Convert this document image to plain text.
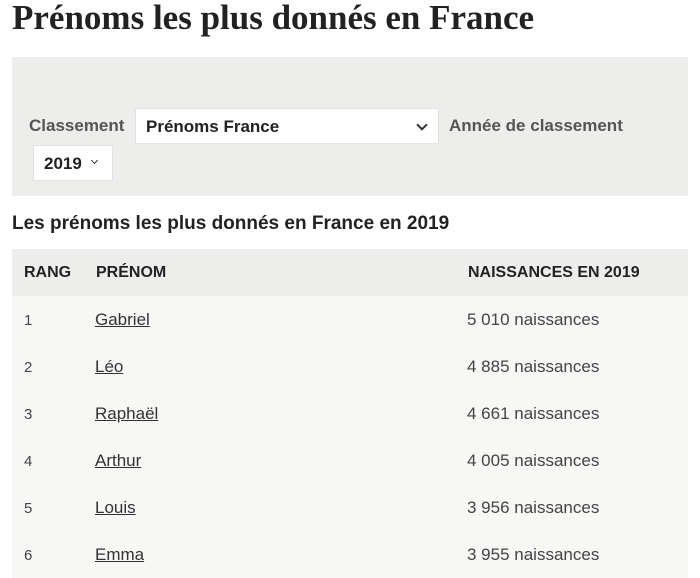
Prénoms les plus donnés en France
Classement Prénoms France	Année de classement
2019
Les prénoms les plus donnés en France en 2019
RANG PRÉNOM	NAISSANCES EN 2019
1	Gabriel	5 010 naissances
2	Léo	4 885 naissances
3	Raphaël	4 661 naissances
4	Arthur	4 005 naissances
5	Louis	3 956 naissances
6	Emma	3 955 naissances
